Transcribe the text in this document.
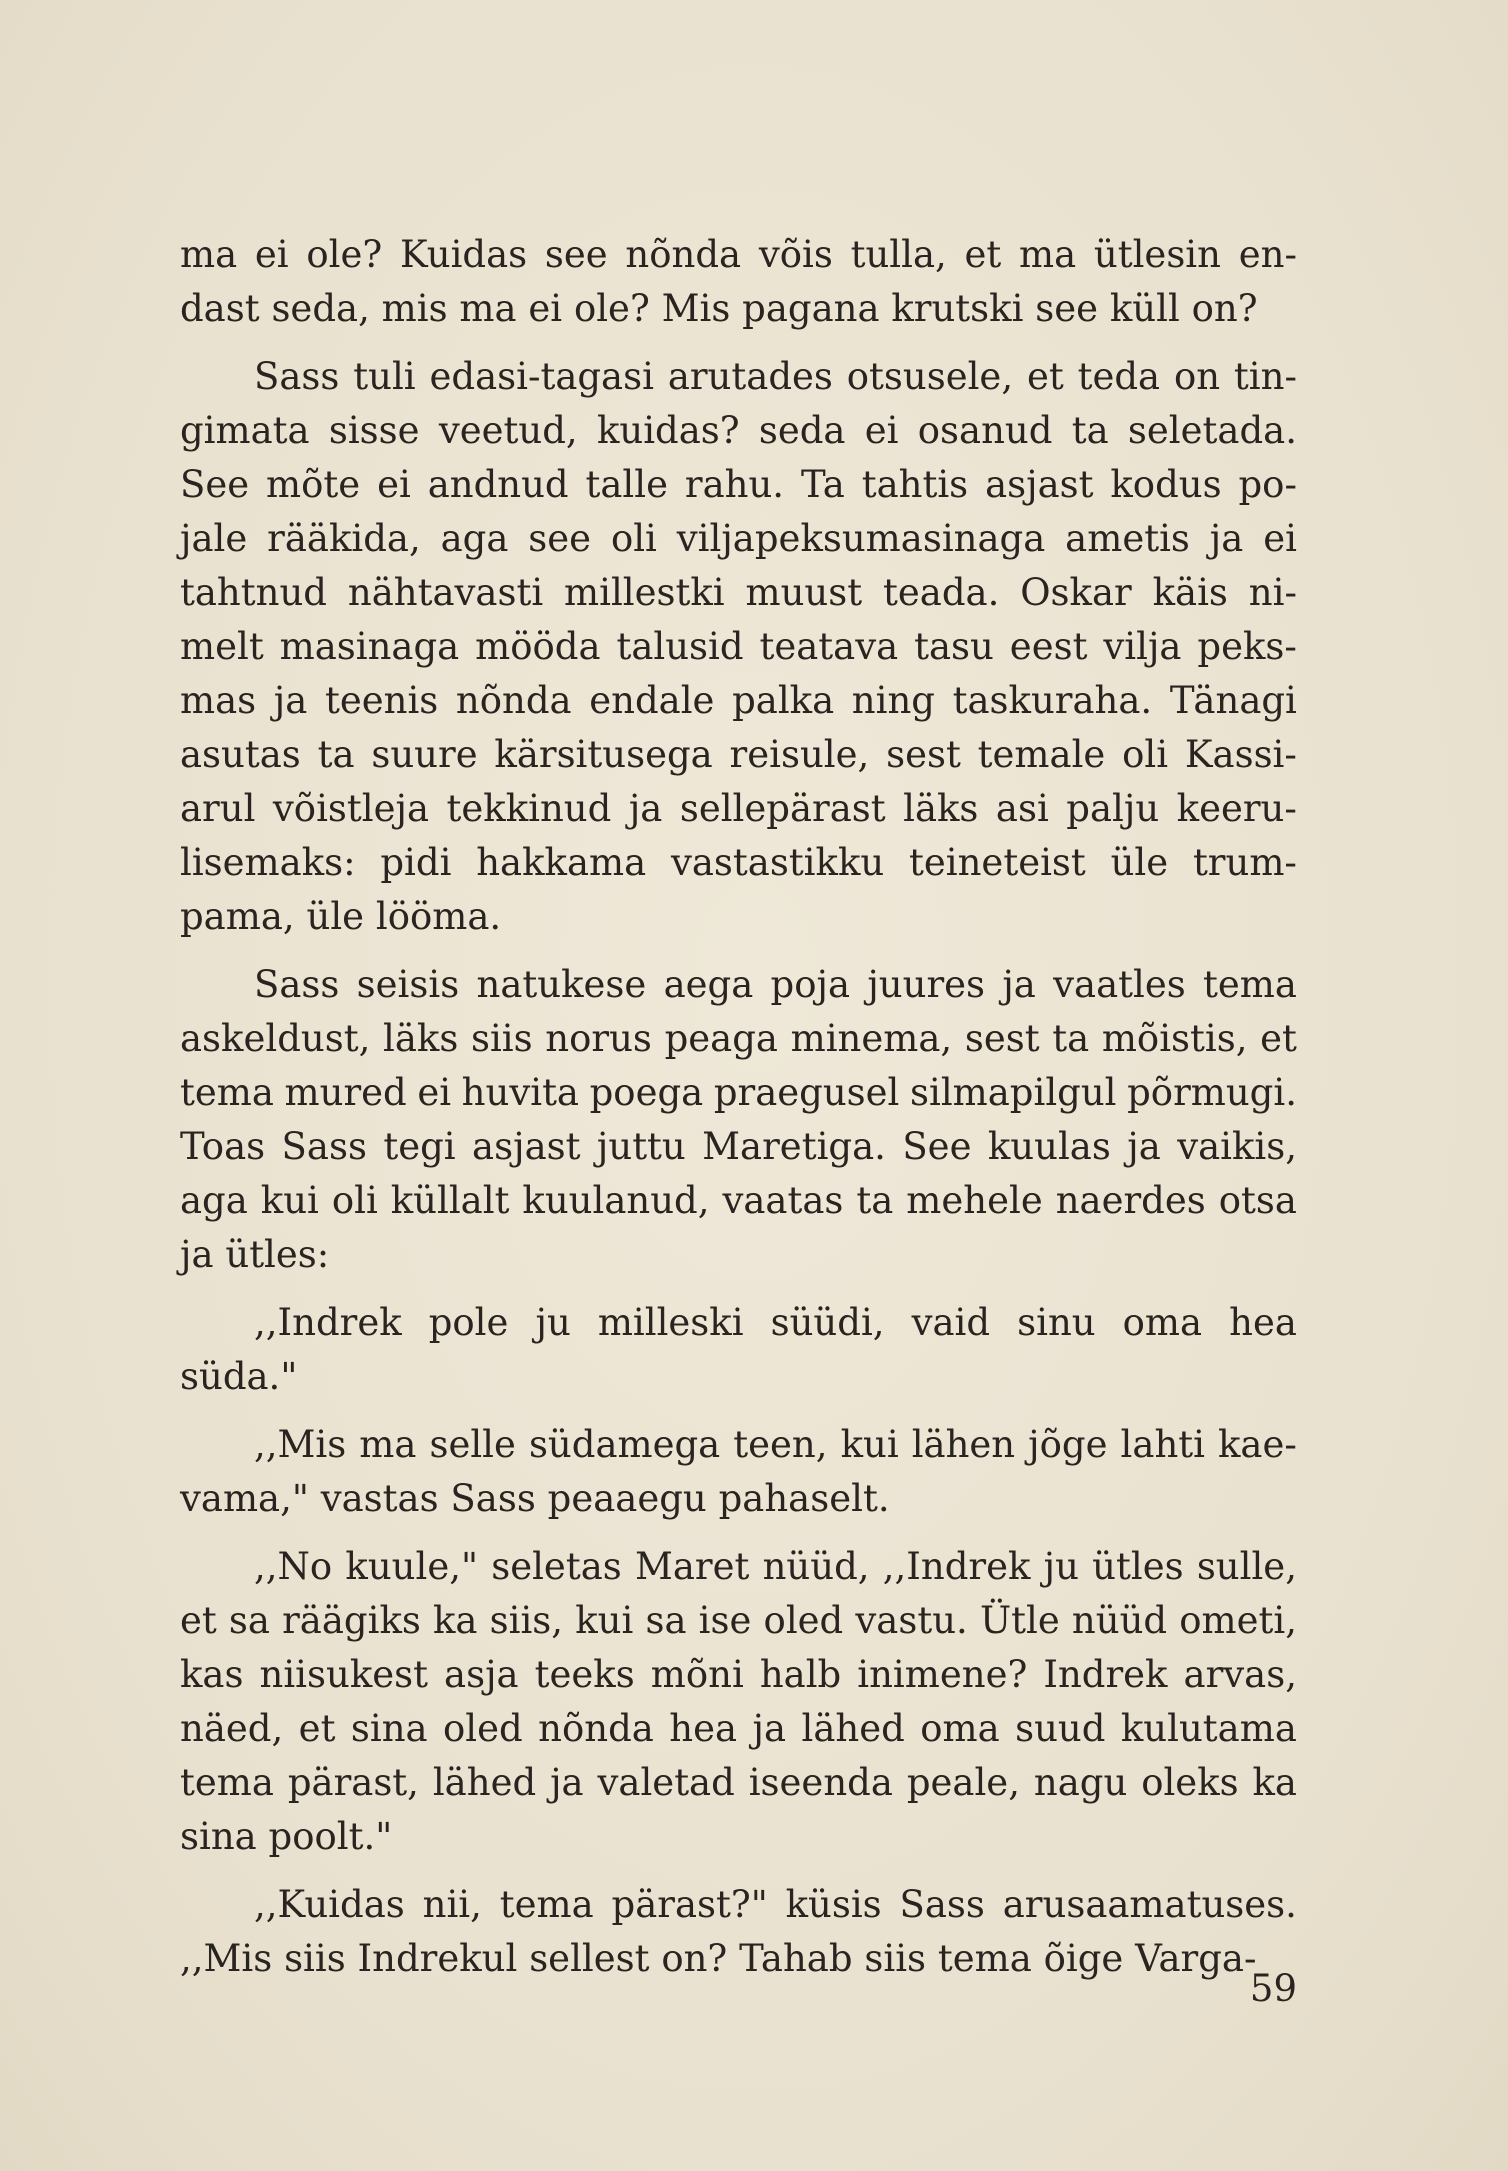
ma ei ole? Kuidas see nõnda võis tulla, et ma ütlesin en-
dast seda, mis ma ei ole? Mis pagana krutski see küll on?
Sass tuli edasi-tagasi arutades otsusele, et teda on tin-
gimata sisse veetud, kuidas? seda ei osanud ta seletada.
See mõte ei andnud talle rahu. Ta tahtis asjast kodus po-
jale rääkida, aga see oli viljapeksumasinaga ametis ja ei
tahtnud nähtavasti millestki muust teada. Oskar käis ni-
melt masinaga mööda talusid teatava tasu eest vilja peks-
mas ja teenis nõnda endale palka ning taskuraha. Tänagi
asutas ta suure kärsitusega reisule, sest temale oli Kassi-
arul võistleja tekkinud ja sellepärast läks asi palju keeru-
lisemaks: pidi hakkama vastastikku teineteist üle trum-
pama, üle lööma.
Sass seisis natukese aega poja juures ja vaatles tema
askeldust, läks siis norus peaga minema, sest ta mõistis, et
tema mured ei huvita poega praegusel silmapilgul põrmugi.
Toas Sass tegi asjast juttu Maretiga. See kuulas ja vaikis,
aga kui oli küllalt kuulanud, vaatas ta mehele naerdes otsa
ja ütles:
,,Indrek pole ju milleski süüdi, vaid sinu oma hea
süda."
,,Mis ma selle südamega teen, kui lähen jõge lahti kae-
vama," vastas Sass peaaegu pahaselt.
,,No kuule," seletas Maret nüüd, ,,Indrek ju ütles sulle,
et sa räägiks ka siis, kui sa ise oled vastu. Ütle nüüd ometi,
kas niisukest asja teeks mõni halb inimene? Indrek arvas,
näed, et sina oled nõnda hea ja lähed oma suud kulutama
tema pärast, lähed ja valetad iseenda peale, nagu oleks ka
sina poolt."
,,Kuidas nii, tema pärast?" küsis Sass arusaamatuses.
,,Mis siis Indrekul sellest on? Tahab siis tema õige Varga-
59
